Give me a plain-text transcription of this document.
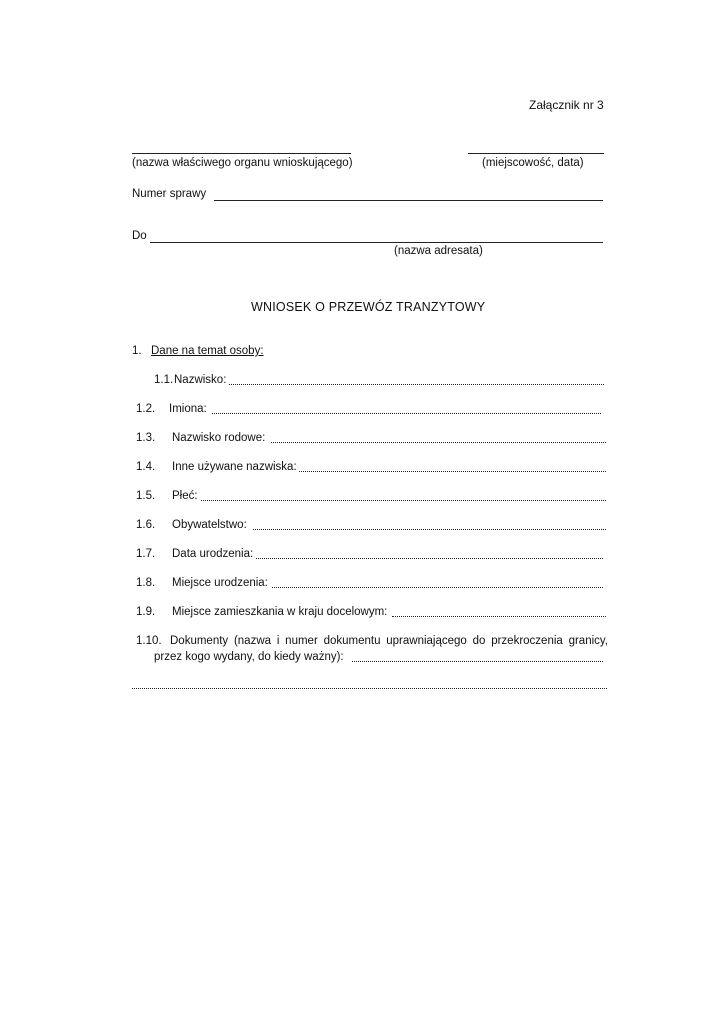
Załącznik nr 3
(nazwa właściwego organu wnioskującego)	(miejscowość, data)
Numer sprawy
Do
(nazwa adresata)
WNIOSEK O PRZEWÓZ TRANZYTOWY
1. Dane na temat osoby:
1.1. Nazwisko:
1.2. Imiona:
1.3. Nazwisko rodowe:
1.4. Inne używane nazwiska:
1.5. Płeć:
1.6. Obywatelstwo:
1.7. Data urodzenia:
1.8. Miejsce urodzenia:
1.9. Miejsce zamieszkania w kraju docelowym:
1.10. Dokumenty (nazwa i numer dokumentu uprawniającego do przekroczenia granicy,
przez kogo wydany, do kiedy ważny):
